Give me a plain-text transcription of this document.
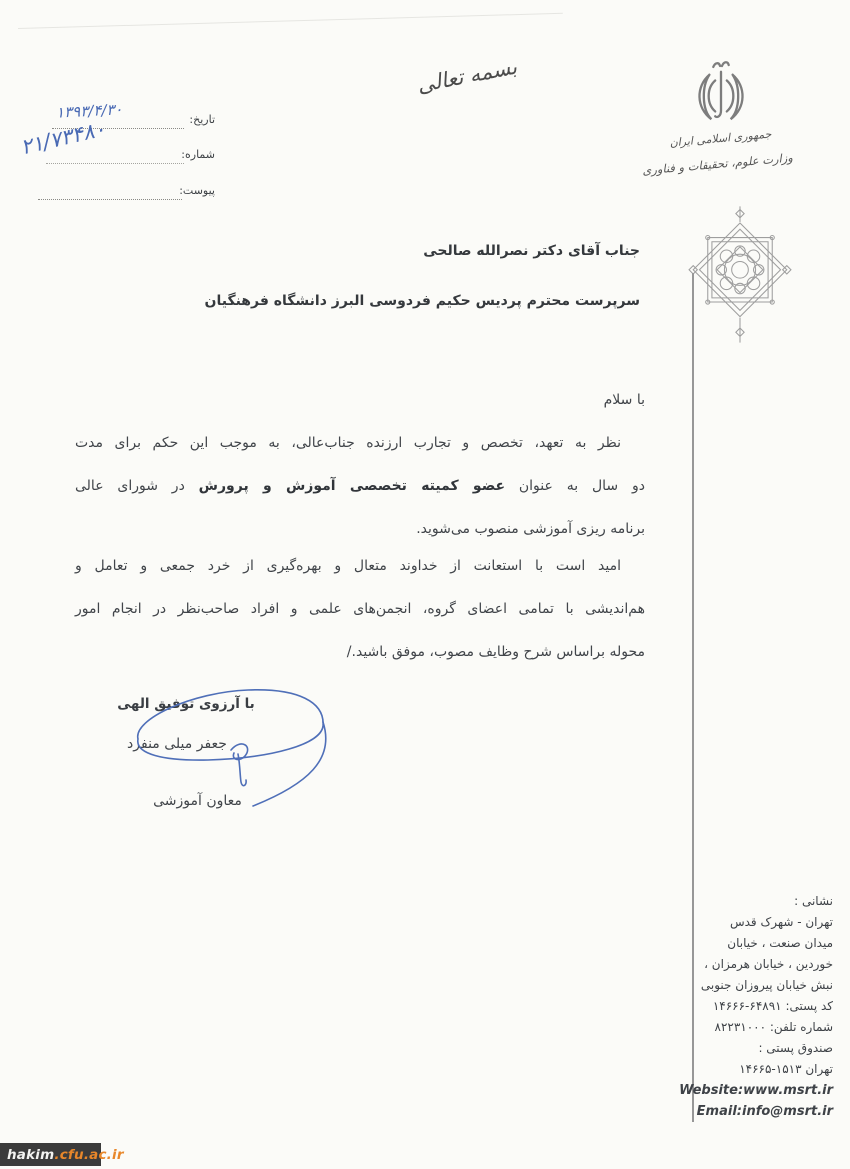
بسمه تعالی
جمهوری اسلامی ایران
وزارت علوم، تحقیقات و فناوری
تاریخ:
۱۳۹۳/۴/۳۰
شماره:
۲۱/۷۳۴۸۰
پیوست:
جناب آقای دکتر نصرالله صالحی
سرپرست محترم پردیس حکیم فردوسی البرز دانشگاه فرهنگیان
با سلام
نظر به تعهد، تخصص و تجارب ارزنده جناب‌عالی، به موجب این حکم برای مدت
دو سال به عنوان عضو کمیته تخصصی آموزش و پرورش در شورای عالی
برنامه ریزی آموزشی منصوب می‌شوید.
امید است با استعانت از خداوند متعال و بهره‌گیری از خرد جمعی و تعامل و
هم‌اندیشی با تمامی اعضای گروه، انجمن‌های علمی و افراد صاحب‌نظر در انجام امور
محوله براساس شرح وظایف مصوب، موفق باشید./
با آرزوی توفیق الهی
جعفر میلی منفرد
معاون آموزشی
نشانی :
تهران - شهرک قدس
میدان صنعت ، خیابان
خوردین ، خیابان هرمزان ،
نبش خیابان پیروزان جنوبی
کد پستی: ۱۴۶۶۶-۶۴۸۹۱
شماره تلفن: ۸۲۲۳۱۰۰۰
صندوق پستی :
تهران ۱۴۶۶۵-۱۵۱۳
Website:www.msrt.ir
Email:info@msrt.ir
hakim .cfu.ac.ir
